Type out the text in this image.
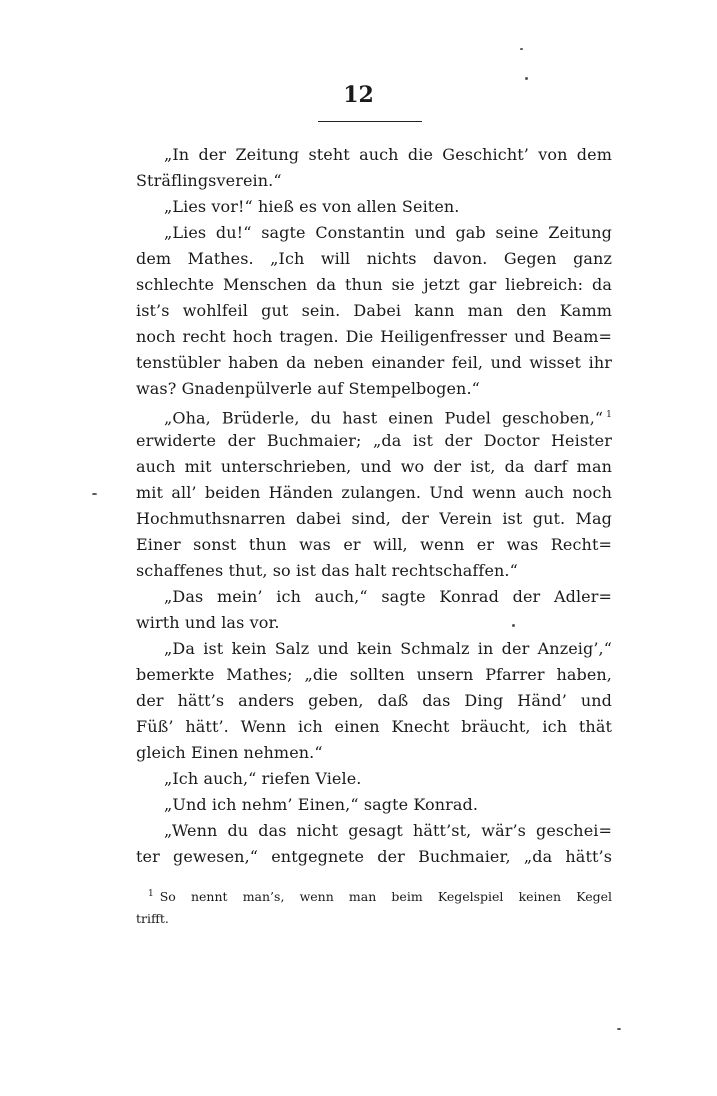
12
„In der Zeitung steht auch die Geschicht’ von dem
Sträflingsverein.“
„Lies vor!“ hieß es von allen Seiten.
„Lies du!“ sagte Constantin und gab seine Zeitung
dem Mathes. „Ich will nichts davon. Gegen ganz
schlechte Menschen da thun sie jetzt gar liebreich: da
ist’s wohlfeil gut sein. Dabei kann man den Kamm
noch recht hoch tragen. Die Heiligenfresser und Beam=
tenstübler haben da neben einander feil, und wisset ihr
was? Gnadenpülverle auf Stempelbogen.“
„Oha, Brüderle, du hast einen Pudel geschoben,“ $^1$
erwiderte der Buchmaier; „da ist der Doctor Heister
auch mit unterschrieben, und wo der ist, da darf man
mit all’ beiden Händen zulangen. Und wenn auch noch
Hochmuthsnarren dabei sind, der Verein ist gut. Mag
Einer sonst thun was er will, wenn er was Recht=
schaffenes thut, so ist das halt rechtschaffen.“
„Das mein’ ich auch,“ sagte Konrad der Adler=
wirth und las vor.
„Da ist kein Salz und kein Schmalz in der Anzeig’,“
bemerkte Mathes; „die sollten unsern Pfarrer haben,
der hätt’s anders geben, daß das Ding Händ’ und
Füß’ hätt’. Wenn ich einen Knecht bräucht, ich thät
gleich Einen nehmen.“
„Ich auch,“ riefen Viele.
„Und ich nehm’ Einen,“ sagte Konrad.
„Wenn du das nicht gesagt hätt’st, wär’s geschei=
ter gewesen,“ entgegnete der Buchmaier, „da hätt’s
$^1$ So nennt man’s, wenn man beim Kegelspiel keinen Kegel
trifft.
